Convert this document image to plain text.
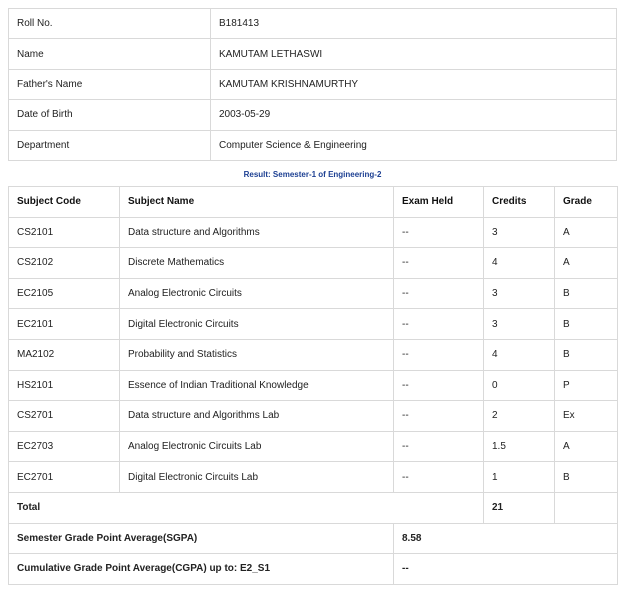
Roll No.	B181413
Name	KAMUTAM LETHASWI
Father's Name	KAMUTAM KRISHNAMURTHY
Date of Birth	2003-05-29
Department	Computer Science & Engineering
Result: Semester-1 of Engineering-2
Subject Code	Subject Name	Exam Held	Credits	Grade
CS2101	Data structure and Algorithms	--	3	A
CS2102	Discrete Mathematics	--	4	A
EC2105	Analog Electronic Circuits	--	3	B
EC2101	Digital Electronic Circuits	--	3	B
MA2102	Probability and Statistics	--	4	B
HS2101	Essence of Indian Traditional Knowledge	--	0	P
CS2701	Data structure and Algorithms Lab	--	2	Ex
EC2703	Analog Electronic Circuits Lab	--	1.5	A
EC2701	Digital Electronic Circuits Lab	--	1	B
Total			21	
Semester Grade Point Average(SGPA)		8.58		
Cumulative Grade Point Average(CGPA) up to: E2_S1		--		
